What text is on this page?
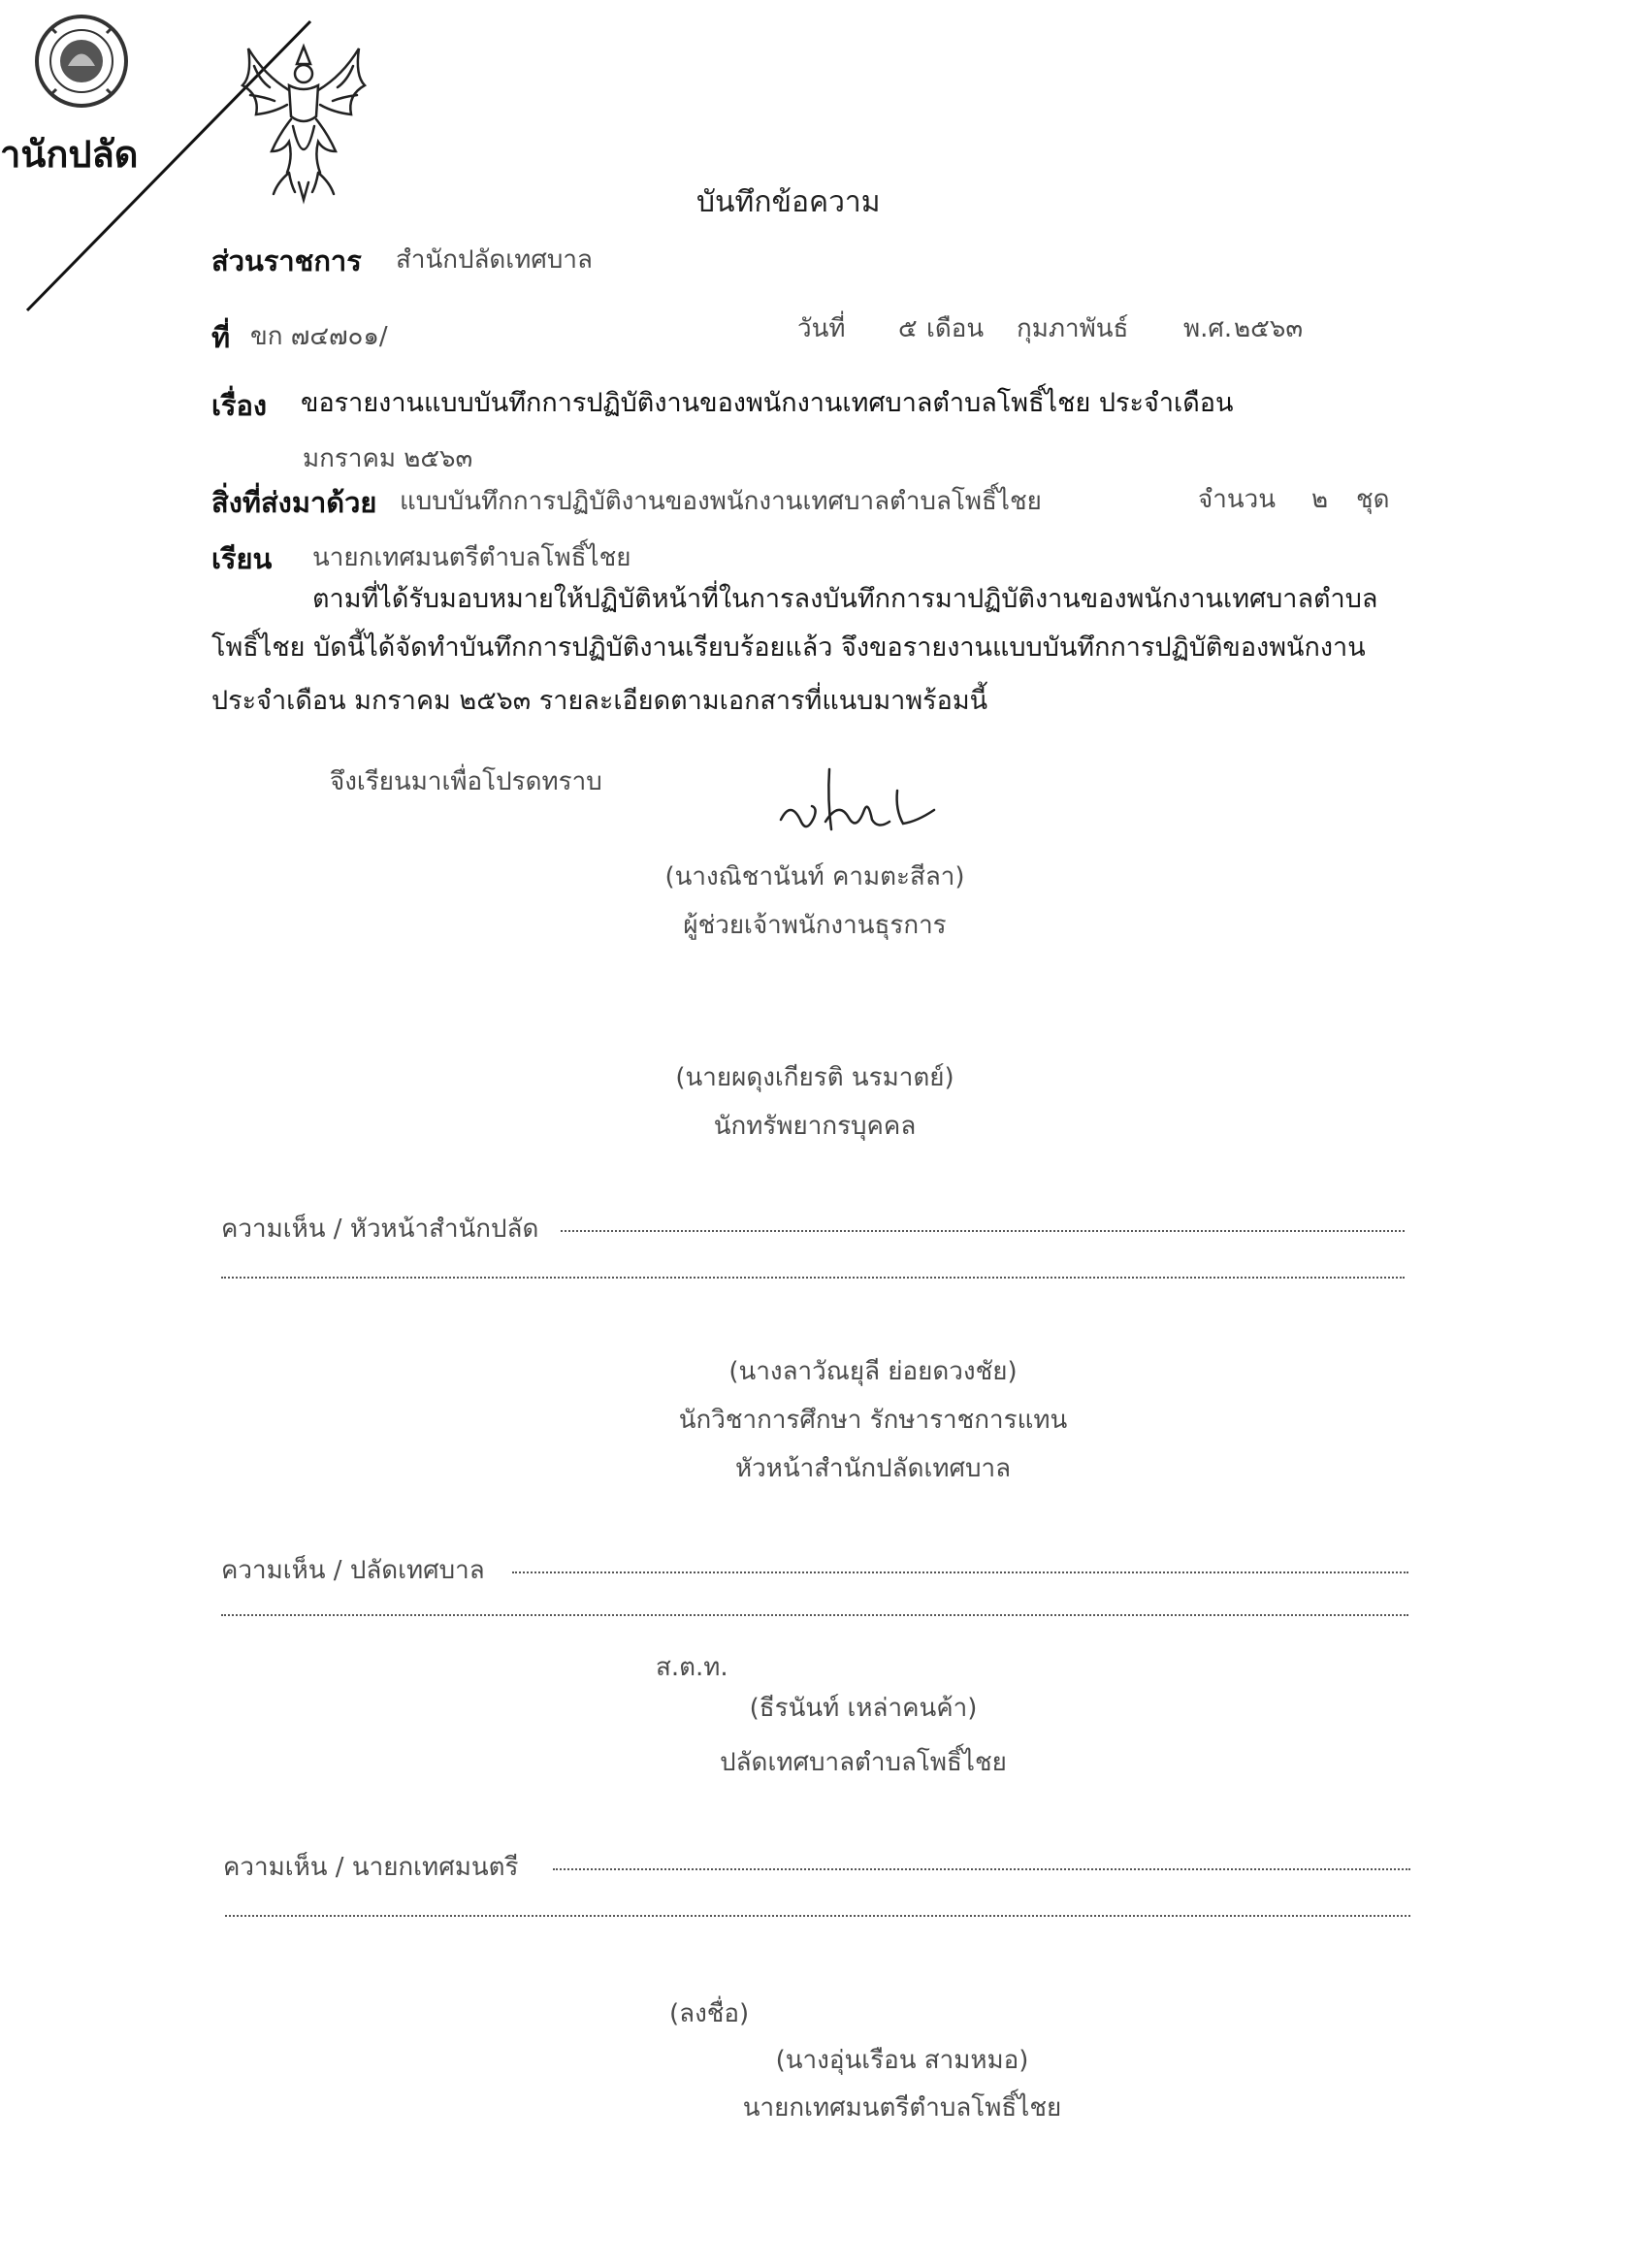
ำนักปลัด
บันทึกข้อความ
ส่วนราชการ สำนักปลัดเทศบาล
ที่ ขก ๗๔๗๐๑/	วันที่ ๕ เดือน กุมภาพันธ์ พ.ศ. ๒๕๖๓
เรื่อง ขอรายงานแบบบันทึกการปฏิบัติงานของพนักงานเทศบาลตำบลโพธิ์ไชย ประจำเดือน
มกราคม ๒๕๖๓
สิ่งที่ส่งมาด้วย แบบบันทึกการปฏิบัติงานของพนักงานเทศบาลตำบลโพธิ์ไชย	จำนวน ๒ ชุด
เรียน นายกเทศมนตรีตำบลโพธิ์ไชย
ตามที่ได้รับมอบหมายให้ปฏิบัติหน้าที่ในการลงบันทึกการมาปฏิบัติงานของพนักงานเทศบาลตำบล
โพธิ์ไชย บัดนี้ได้จัดทำบันทึกการปฏิบัติงานเรียบร้อยแล้ว จึงขอรายงานแบบบันทึกการปฏิบัติของพนักงาน
ประจำเดือน มกราคม ๒๕๖๓ รายละเอียดตามเอกสารที่แนบมาพร้อมนี้
จึงเรียนมาเพื่อโปรดทราบ
(นางณิชานันท์ คามตะสีลา)
ผู้ช่วยเจ้าพนักงานธุรการ
(นายผดุงเกียรติ นรมาตย์)
นักทรัพยากรบุคคล
ความเห็น / หัวหน้าสำนักปลัด
(นางลาวัณยุลี ย่อยดวงชัย)
นักวิชาการศึกษา รักษาราชการแทน
หัวหน้าสำนักปลัดเทศบาล
ความเห็น / ปลัดเทศบาล
ส.ต.ท.
(ธีรนันท์ เหล่าคนค้า)
ปลัดเทศบาลตำบลโพธิ์ไชย
ความเห็น / นายกเทศมนตรี
(ลงชื่อ)
(นางอุ่นเรือน สามหมอ)
นายกเทศมนตรีตำบลโพธิ์ไชย
